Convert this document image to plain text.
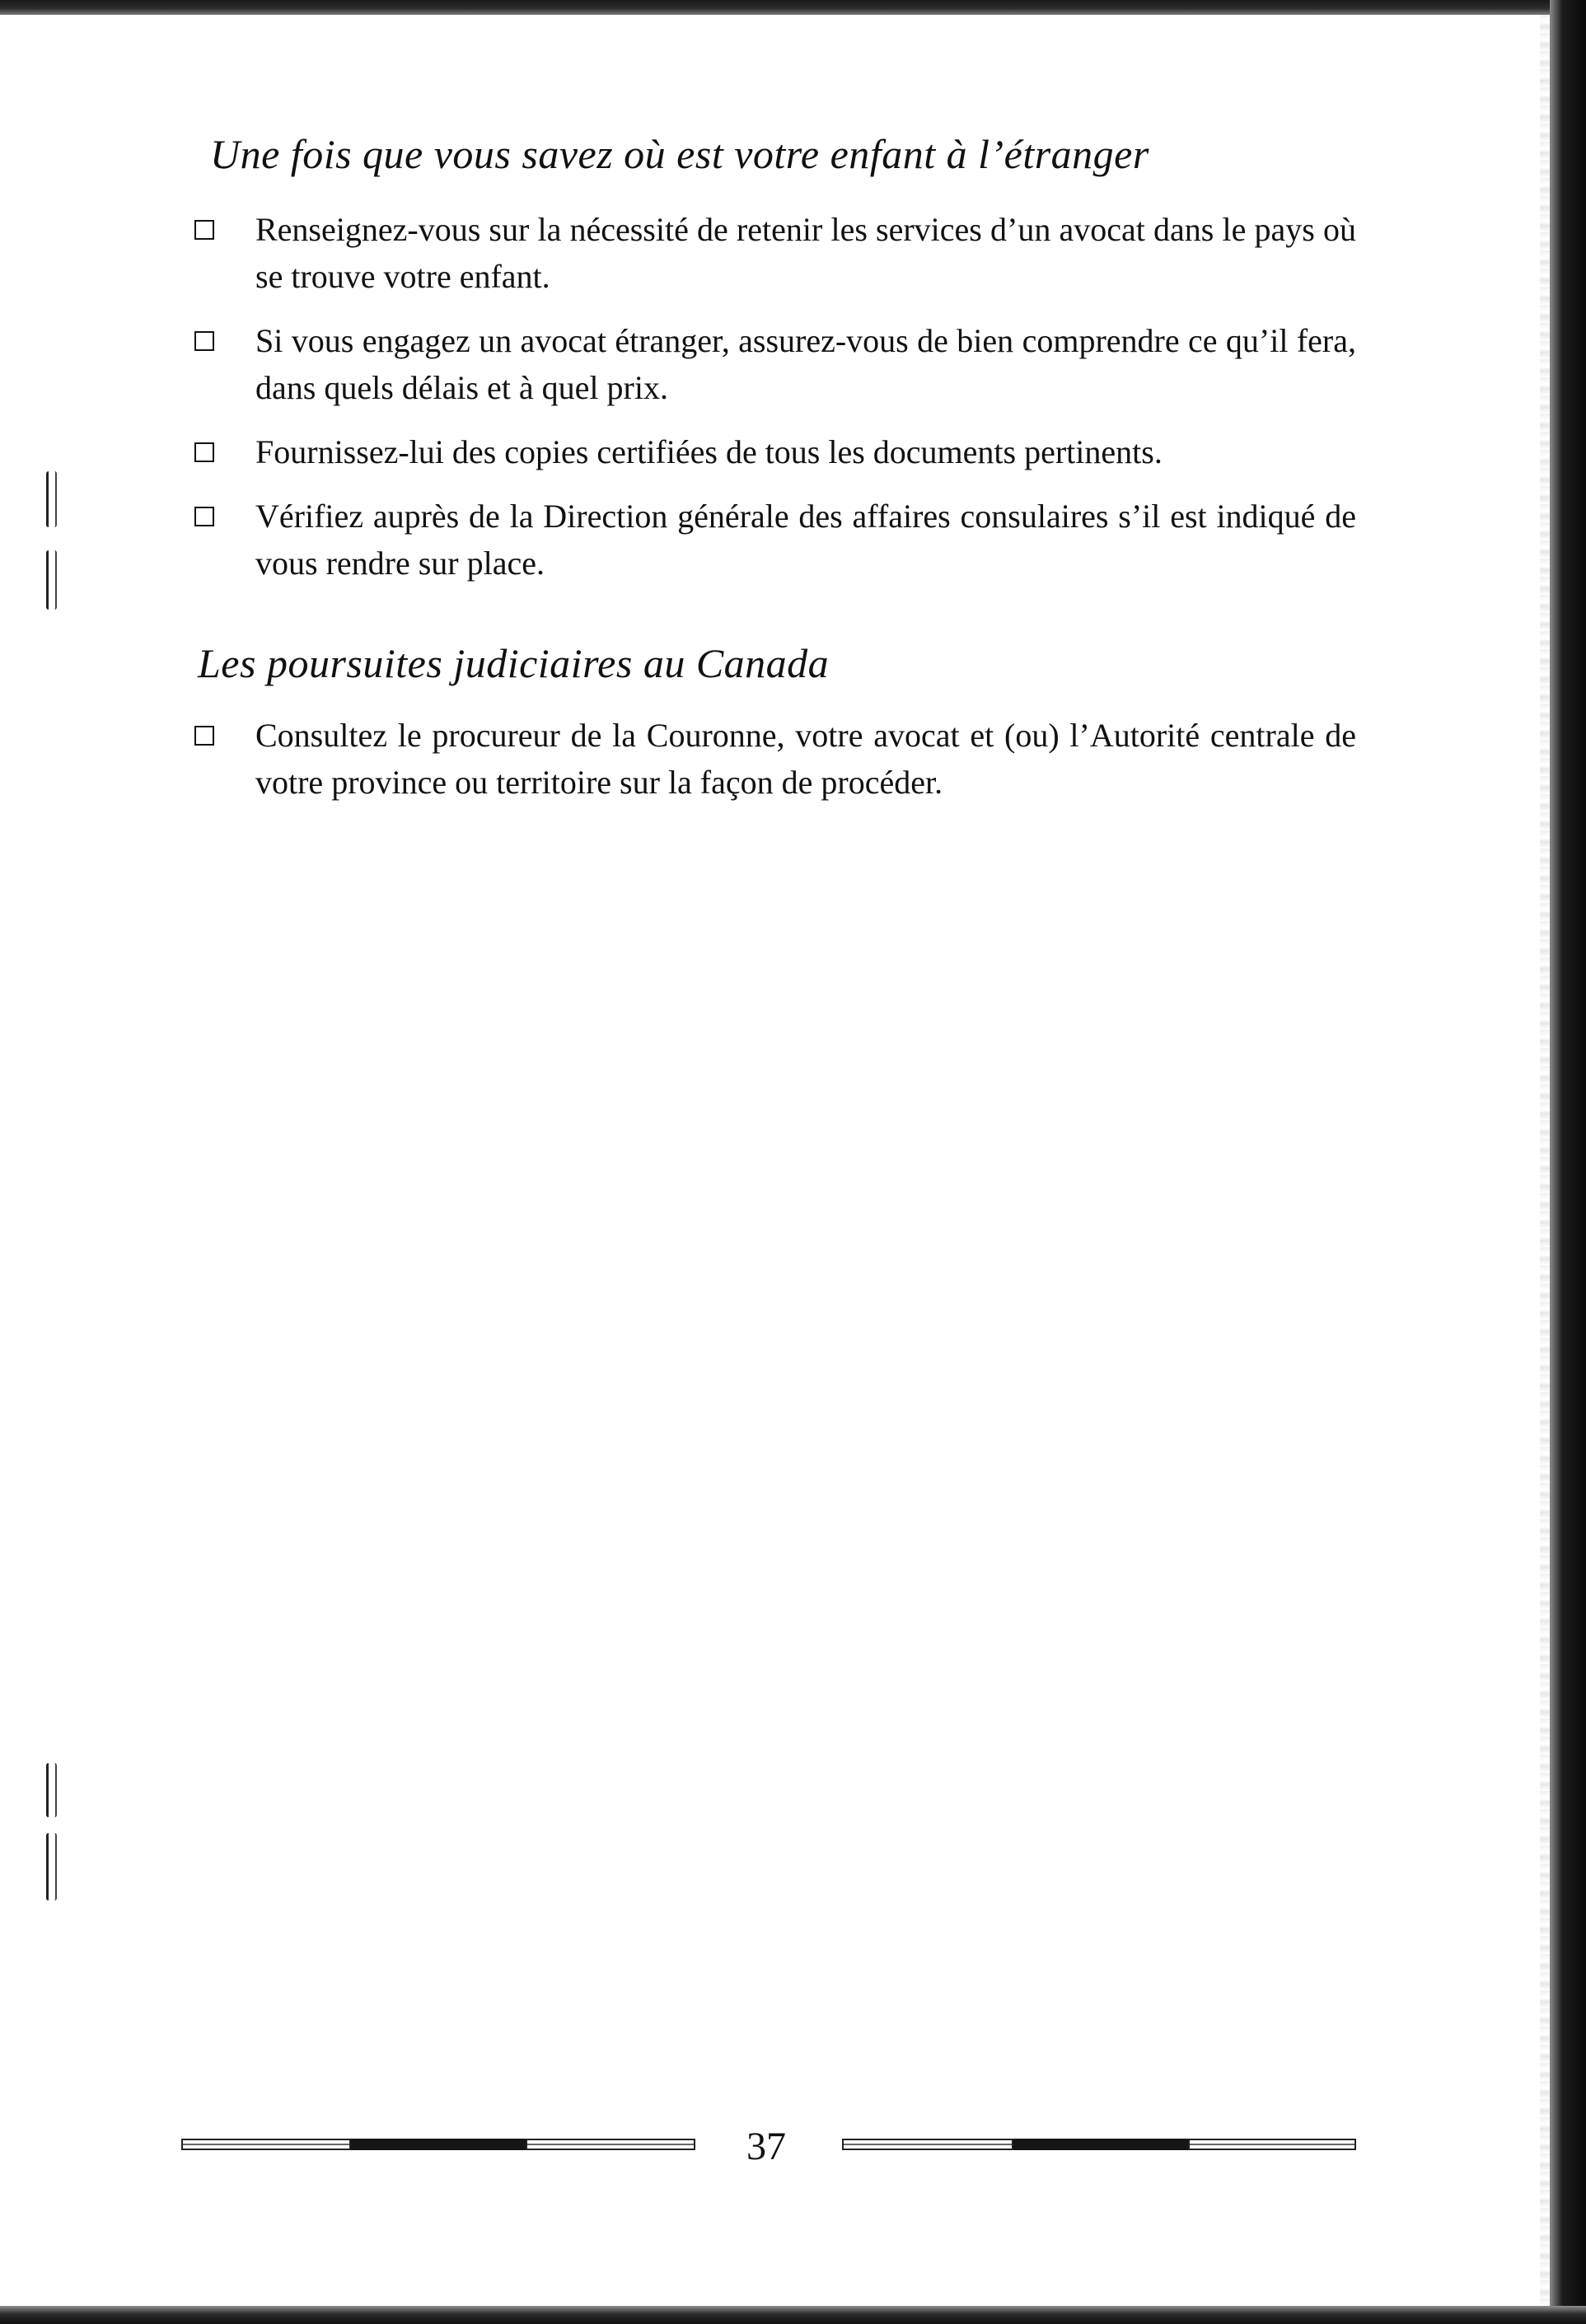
Une fois que vous savez où est votre enfant à l’étranger
Renseignez-vous sur la nécessité de retenir les services d’un avocat dans le pays où se trouve votre enfant.
Si vous engagez un avocat étranger, assurez-vous de bien comprendre ce qu’il fera, dans quels délais et à quel prix.
Fournissez-lui des copies certifiées de tous les documents pertinents.
Vérifiez auprès de la Direction générale des affaires consulaires s’il est indiqué de vous rendre sur place.
Les poursuites judiciaires au Canada
Consultez le procureur de la Couronne, votre avocat et (ou) l’Autorité centrale de votre province ou territoire sur la façon de procéder.

37
